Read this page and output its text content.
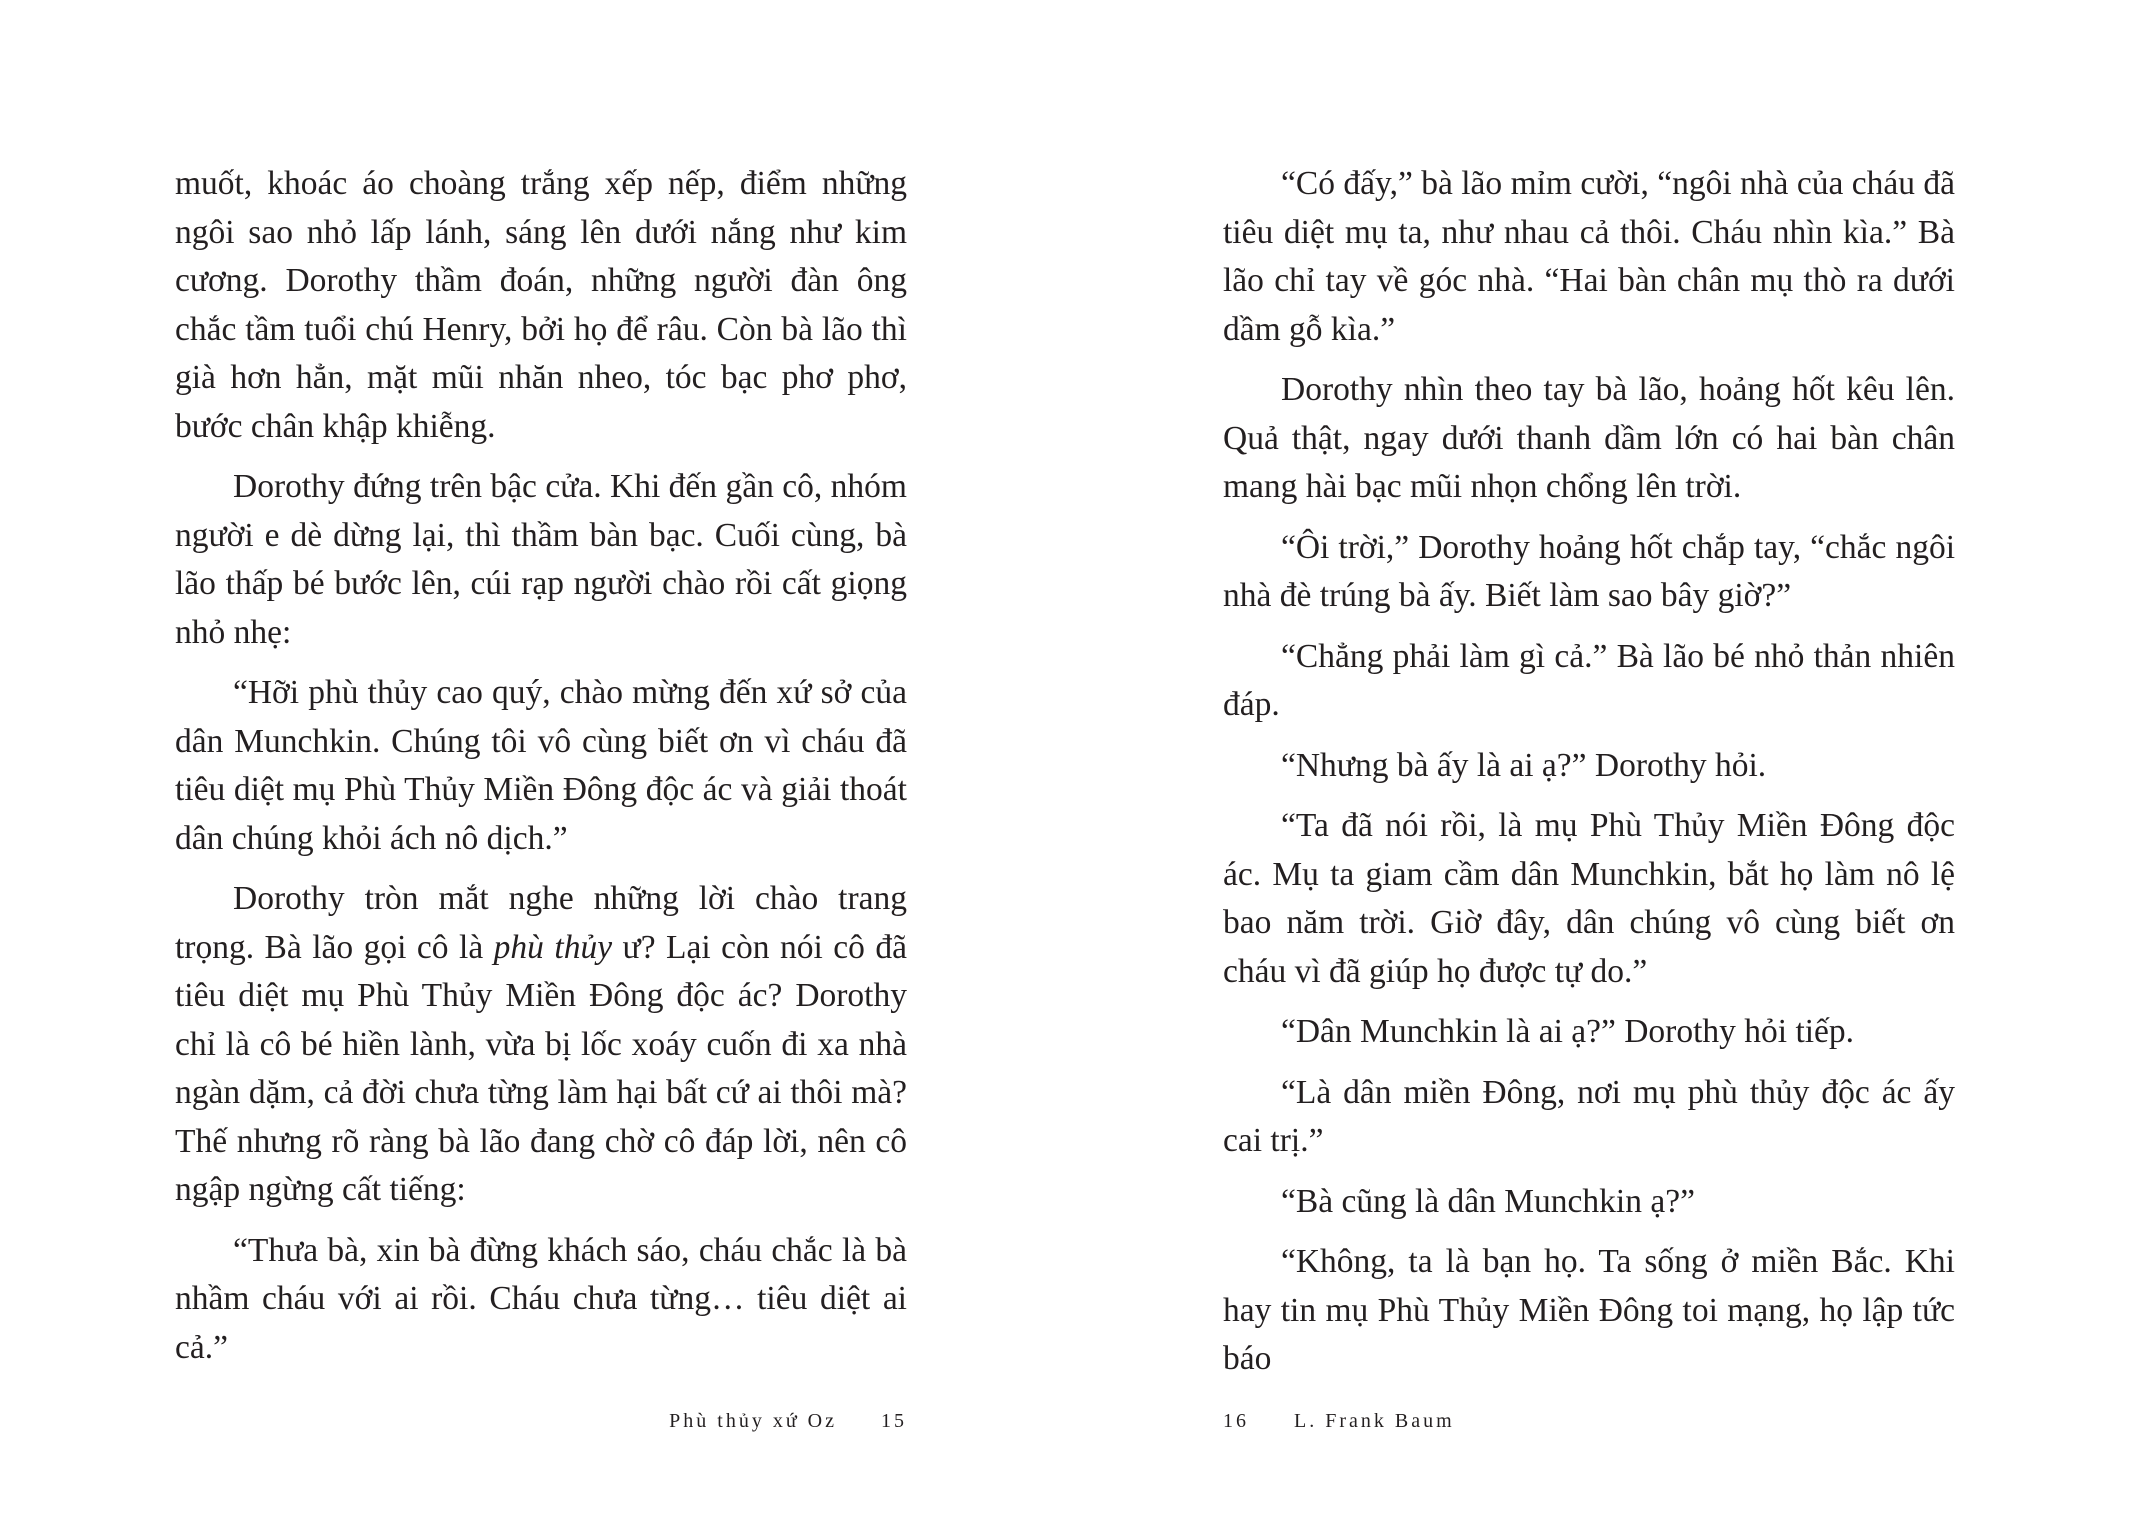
muốt, khoác áo choàng trắng xếp nếp, điểm những ngôi sao nhỏ lấp lánh, sáng lên dưới nắng như kim cương. Dorothy thầm đoán, những người đàn ông chắc tầm tuổi chú Henry, bởi họ để râu. Còn bà lão thì già hơn hẳn, mặt mũi nhăn nheo, tóc bạc phơ phơ, bước chân khập khiễng.

Dorothy đứng trên bậc cửa. Khi đến gần cô, nhóm người e dè dừng lại, thì thầm bàn bạc. Cuối cùng, bà lão thấp bé bước lên, cúi rạp người chào rồi cất giọng nhỏ nhẹ:

“Hỡi phù thủy cao quý, chào mừng đến xứ sở của dân Munchkin. Chúng tôi vô cùng biết ơn vì cháu đã tiêu diệt mụ Phù Thủy Miền Đông độc ác và giải thoát dân chúng khỏi ách nô dịch.”

Dorothy tròn mắt nghe những lời chào trang trọng. Bà lão gọi cô là phù thủy ư? Lại còn nói cô đã tiêu diệt mụ Phù Thủy Miền Đông độc ác? Dorothy chỉ là cô bé hiền lành, vừa bị lốc xoáy cuốn đi xa nhà ngàn dặm, cả đời chưa từng làm hại bất cứ ai thôi mà? Thế nhưng rõ ràng bà lão đang chờ cô đáp lời, nên cô ngập ngừng cất tiếng:

“Thưa bà, xin bà đừng khách sáo, cháu chắc là bà nhầm cháu với ai rồi. Cháu chưa từng… tiêu diệt ai cả.”

Phù thủy xứ Oz 15

“Có đấy,” bà lão mỉm cười, “ngôi nhà của cháu đã tiêu diệt mụ ta, như nhau cả thôi. Cháu nhìn kìa.” Bà lão chỉ tay về góc nhà. “Hai bàn chân mụ thò ra dưới dầm gỗ kìa.”

Dorothy nhìn theo tay bà lão, hoảng hốt kêu lên. Quả thật, ngay dưới thanh dầm lớn có hai bàn chân mang hài bạc mũi nhọn chổng lên trời.

“Ôi trời,” Dorothy hoảng hốt chắp tay, “chắc ngôi nhà đè trúng bà ấy. Biết làm sao bây giờ?”

“Chẳng phải làm gì cả.” Bà lão bé nhỏ thản nhiên đáp.

“Nhưng bà ấy là ai ạ?” Dorothy hỏi.

“Ta đã nói rồi, là mụ Phù Thủy Miền Đông độc ác. Mụ ta giam cầm dân Munchkin, bắt họ làm nô lệ bao năm trời. Giờ đây, dân chúng vô cùng biết ơn cháu vì đã giúp họ được tự do.”

“Dân Munchkin là ai ạ?” Dorothy hỏi tiếp.

“Là dân miền Đông, nơi mụ phù thủy độc ác ấy cai trị.”

“Bà cũng là dân Munchkin ạ?”

“Không, ta là bạn họ. Ta sống ở miền Bắc. Khi hay tin mụ Phù Thủy Miền Đông toi mạng, họ lập tức báo

16 L. Frank Baum
